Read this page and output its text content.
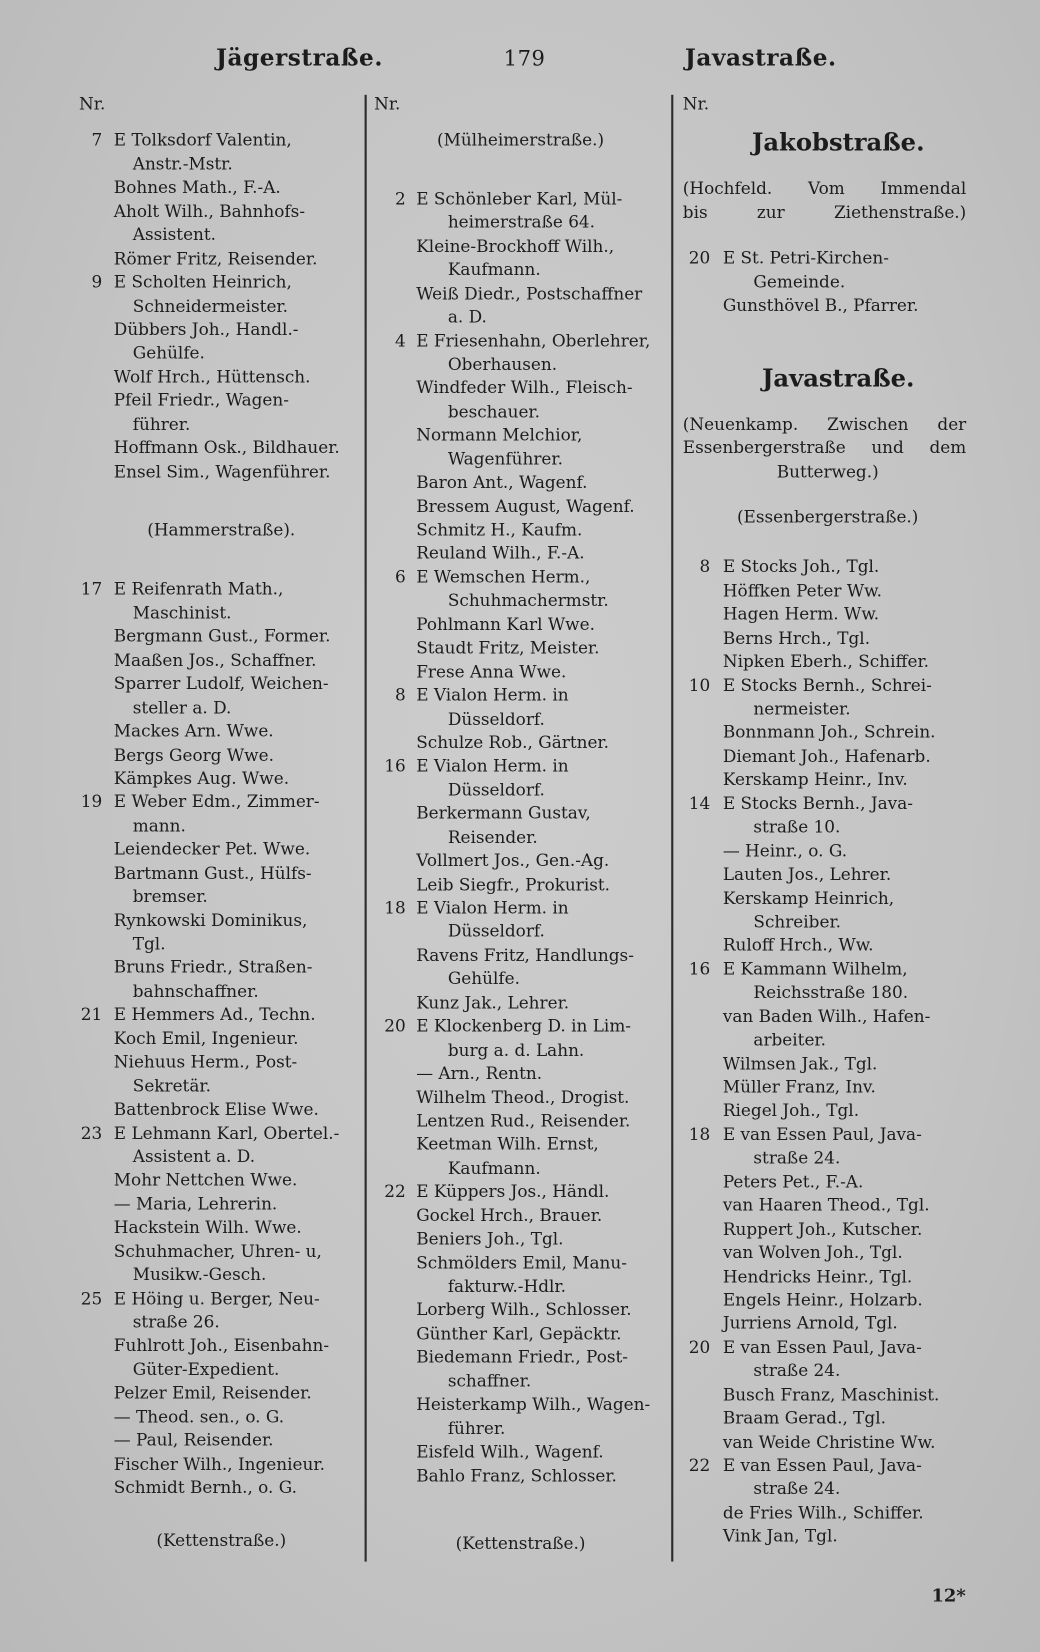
Jägerstraße.	179	Javastraße.
Nr.
7 E Tolksdorf Valentin,
Anstr.-Mstr.
Bohnes Math., F.-A.
Aholt Wilh., Bahnhofs-
Assistent.
Römer Fritz, Reisender.
9 E Scholten Heinrich,
Schneidermeister.
Dübbers Joh., Handl.-
Gehülfe.
Wolf Hrch., Hüttensch.
Pfeil Friedr., Wagen-
führer.
Hoffmann Osk., Bildhauer.
Ensel Sim., Wagenführer.
(Hammerstraße).
17 E Reifenrath Math.,
Maschinist.
Bergmann Gust., Former.
Maaßen Jos., Schaffner.
Sparrer Ludolf, Weichen-
steller a. D.
Mackes Arn. Wwe.
Bergs Georg Wwe.
Kämpkes Aug. Wwe.
19 E Weber Edm., Zimmer-
mann.
Leiendecker Pet. Wwe.
Bartmann Gust., Hülfs-
bremser.
Rynkowski Dominikus,
Tgl.
Bruns Friedr., Straßen-
bahnschaffner.
21 E Hemmers Ad., Techn.
Koch Emil, Ingenieur.
Niehuus Herm., Post-
Sekretär.
Battenbrock Elise Wwe.
23 E Lehmann Karl, Obertel.-
Assistent a. D.
Mohr Nettchen Wwe.
— Maria, Lehrerin.
Hackstein Wilh. Wwe.
Schuhmacher, Uhren- u,
Musikw.-Gesch.
25 E Höing u. Berger, Neu-
straße 26.
Fuhlrott Joh., Eisenbahn-
Güter-Expedient.
Pelzer Emil, Reisender.
— Theod. sen., o. G.
— Paul, Reisender.
Fischer Wilh., Ingenieur.
Schmidt Bernh., o. G.
(Kettenstraße.)
Nr.
(Mülheimerstraße.)
2 E Schönleber Karl, Mül-
heimerstraße 64.
Kleine-Brockhoff Wilh.,
Kaufmann.
Weiß Diedr., Postschaffner
a. D.
4 E Friesenhahn, Oberlehrer,
Oberhausen.
Windfeder Wilh., Fleisch-
beschauer.
Normann Melchior,
Wagenführer.
Baron Ant., Wagenf.
Bressem August, Wagenf.
Schmitz H., Kaufm.
Reuland Wilh., F.-A.
6 E Wemschen Herm.,
Schuhmachermstr.
Pohlmann Karl Wwe.
Staudt Fritz, Meister.
Frese Anna Wwe.
8 E Vialon Herm. in
Düsseldorf.
Schulze Rob., Gärtner.
16 E Vialon Herm. in
Düsseldorf.
Berkermann Gustav,
Reisender.
Vollmert Jos., Gen.-Ag.
Leib Siegfr., Prokurist.
18 E Vialon Herm. in
Düsseldorf.
Ravens Fritz, Handlungs-
Gehülfe.
Kunz Jak., Lehrer.
20 E Klockenberg D. in Lim-
burg a. d. Lahn.
— Arn., Rentn.
Wilhelm Theod., Drogist.
Lentzen Rud., Reisender.
Keetman Wilh. Ernst,
Kaufmann.
22 E Küppers Jos., Händl.
Gockel Hrch., Brauer.
Beniers Joh., Tgl.
Schmölders Emil, Manu-
fakturw.-Hdlr.
Lorberg Wilh., Schlosser.
Günther Karl, Gepäcktr.
Biedemann Friedr., Post-
schaffner.
Heisterkamp Wilh., Wagen-
führer.
Eisfeld Wilh., Wagenf.
Bahlo Franz, Schlosser.
(Kettenstraße.)
Nr.
Jakobstraße.
(Hochfeld. Vom Immendal
bis zur Ziethenstraße.)
20 E St. Petri-Kirchen-
Gemeinde.
Gunsthövel B., Pfarrer.
Javastraße.
(Neuenkamp. Zwischen der
Essenbergerstraße und dem
Butterweg.)
(Essenbergerstraße.)
8 E Stocks Joh., Tgl.
Höffken Peter Ww.
Hagen Herm. Ww.
Berns Hrch., Tgl.
Nipken Eberh., Schiffer.
10 E Stocks Bernh., Schrei-
nermeister.
Bonnmann Joh., Schrein.
Diemant Joh., Hafenarb.
Kerskamp Heinr., Inv.
14 E Stocks Bernh., Java-
straße 10.
— Heinr., o. G.
Lauten Jos., Lehrer.
Kerskamp Heinrich,
Schreiber.
Ruloff Hrch., Ww.
16 E Kammann Wilhelm,
Reichsstraße 180.
van Baden Wilh., Hafen-
arbeiter.
Wilmsen Jak., Tgl.
Müller Franz, Inv.
Riegel Joh., Tgl.
18 E van Essen Paul, Java-
straße 24.
Peters Pet., F.-A.
van Haaren Theod., Tgl.
Ruppert Joh., Kutscher.
van Wolven Joh., Tgl.
Hendricks Heinr., Tgl.
Engels Heinr., Holzarb.
Jurriens Arnold, Tgl.
20 E van Essen Paul, Java-
straße 24.
Busch Franz, Maschinist.
Braam Gerad., Tgl.
van Weide Christine Ww.
22 E van Essen Paul, Java-
straße 24.
de Fries Wilh., Schiffer.
Vink Jan, Tgl.
12*
